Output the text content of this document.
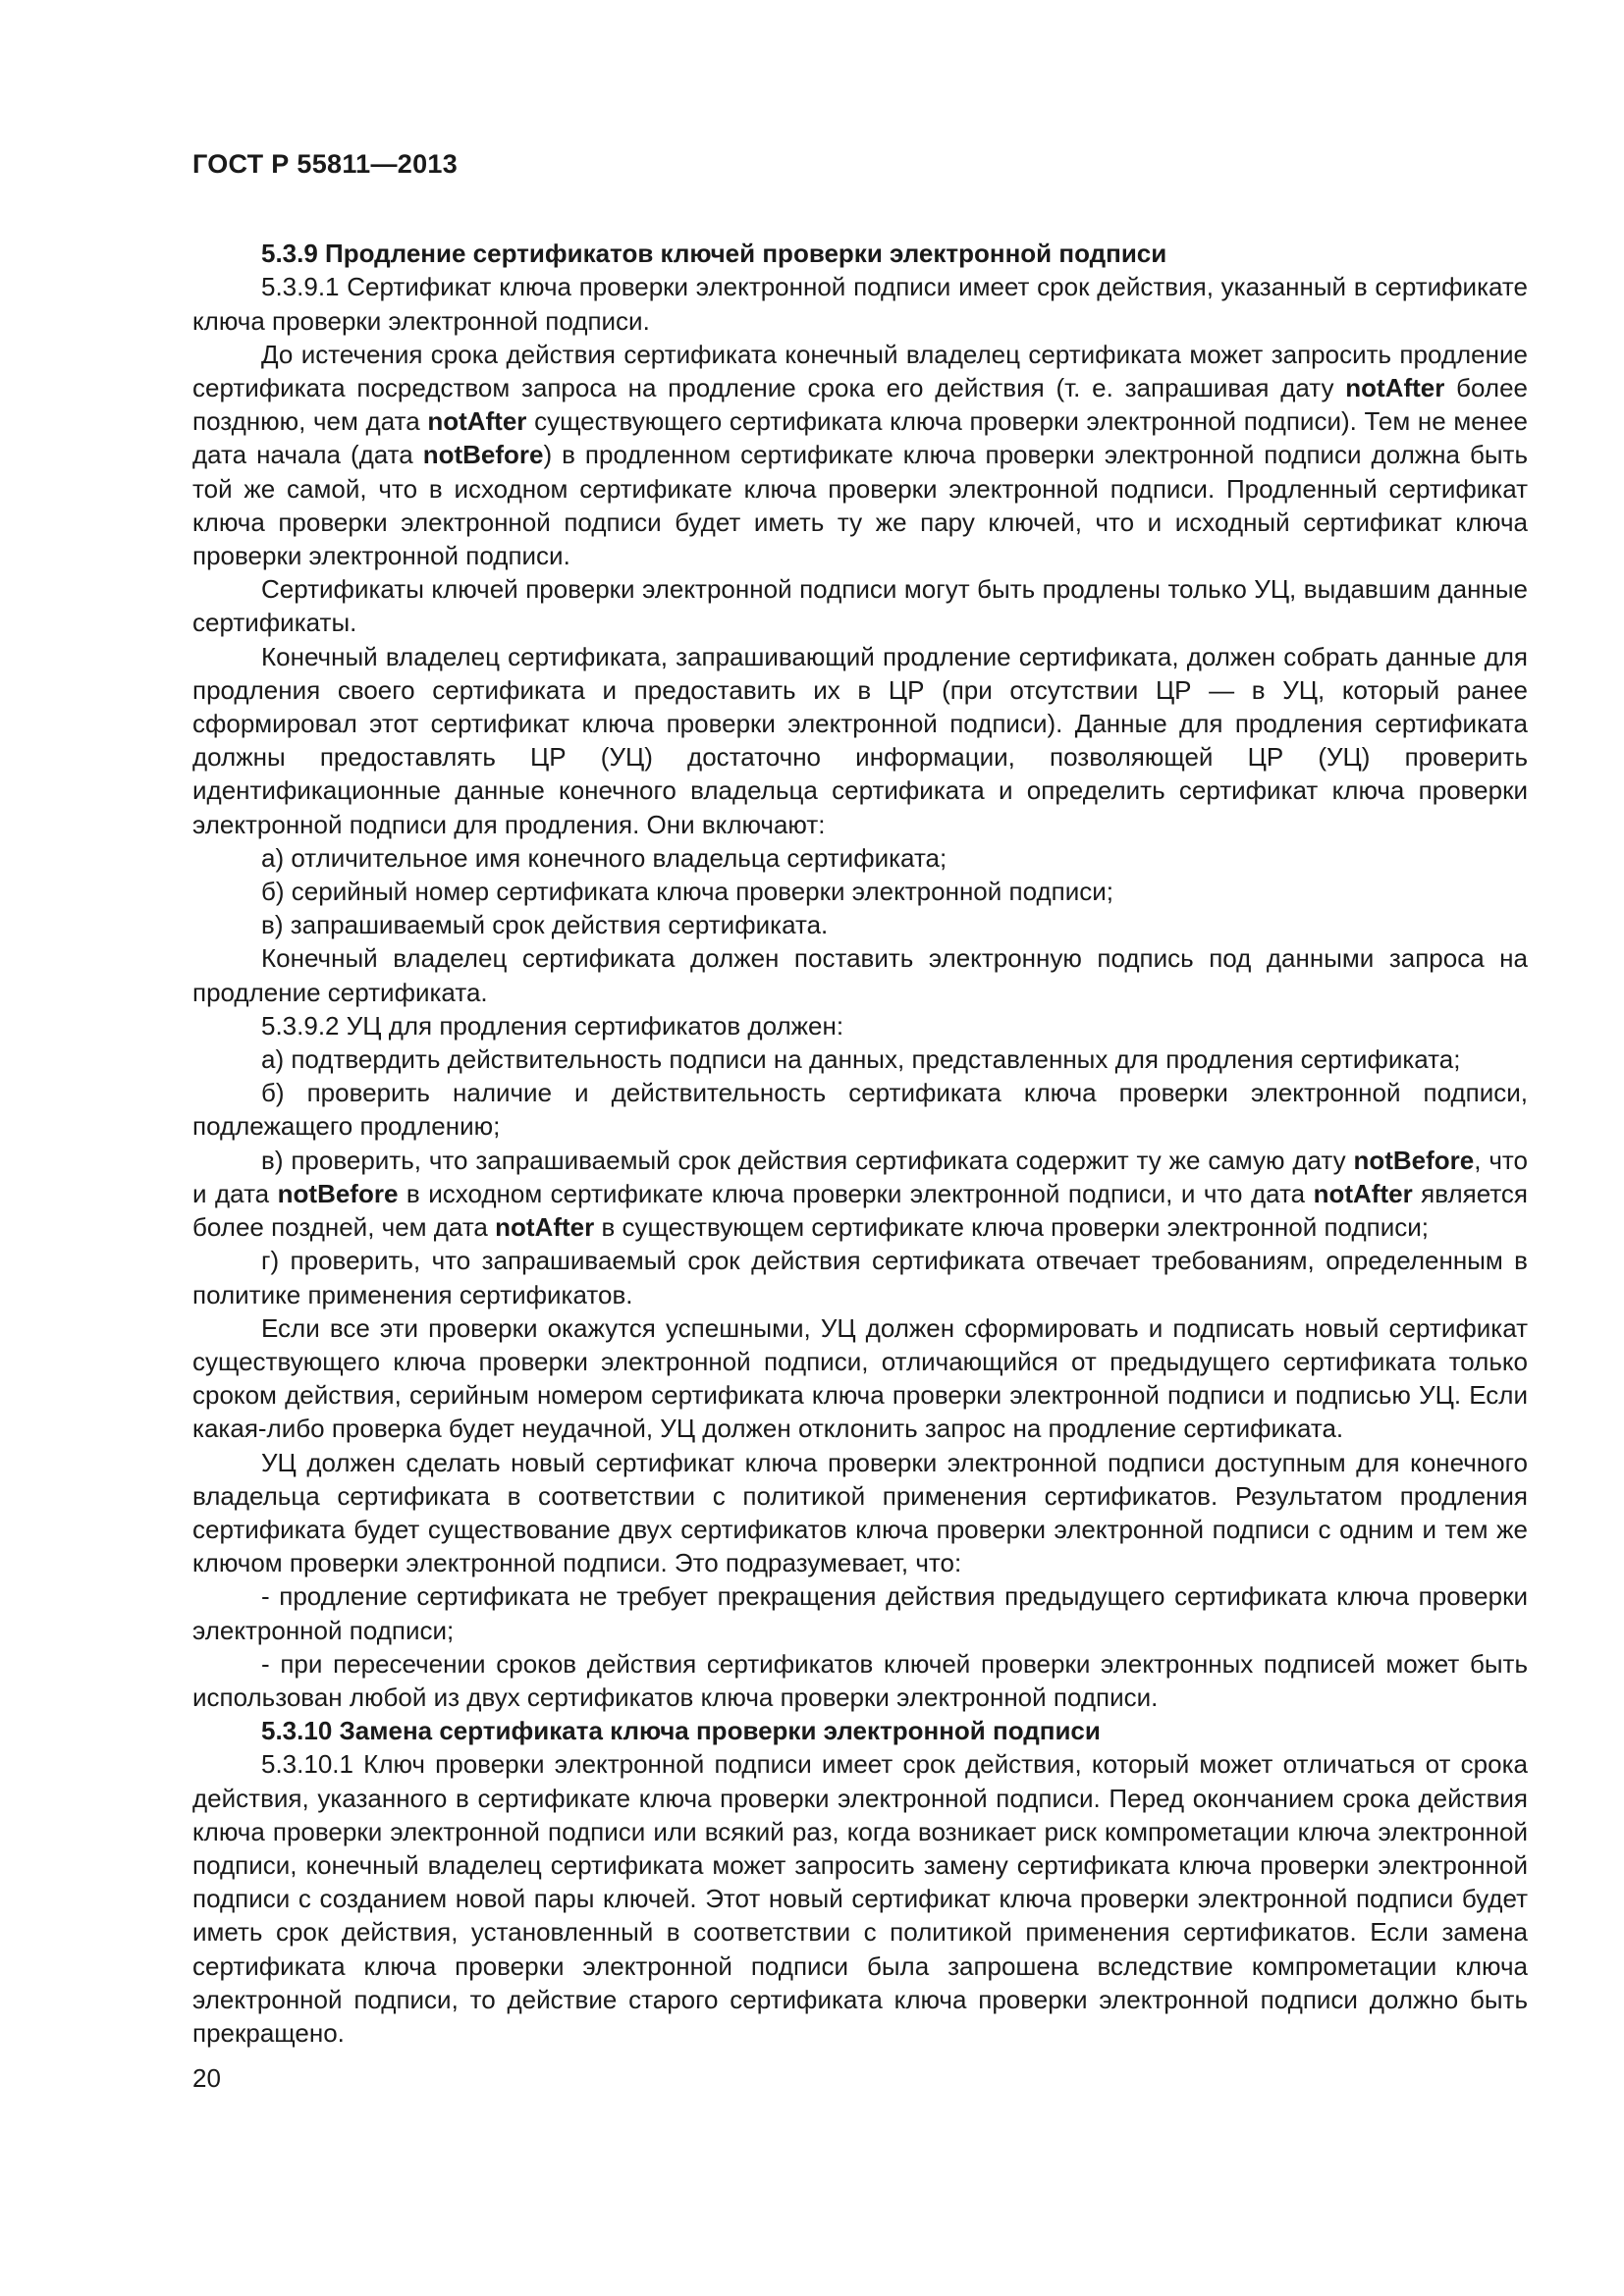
ГОСТ Р 55811—2013

5.3.9 Продление сертификатов ключей проверки электронной подписи

5.3.9.1 Сертификат ключа проверки электронной подписи имеет срок действия, указанный в сертификате ключа проверки электронной подписи.

До истечения срока действия сертификата конечный владелец сертификата может запросить продление сертификата посредством запроса на продление срока его действия (т. е. запрашивая дату notAfter более позднюю, чем дата notAfter существующего сертификата ключа проверки электронной подписи). Тем не менее дата начала (дата notBefore) в продленном сертификате ключа проверки электронной подписи должна быть той же самой, что в исходном сертификате ключа проверки электронной подписи. Продленный сертификат ключа проверки электронной подписи будет иметь ту же пару ключей, что и исходный сертификат ключа проверки электронной подписи.

Сертификаты ключей проверки электронной подписи могут быть продлены только УЦ, выдавшим данные сертификаты.

Конечный владелец сертификата, запрашивающий продление сертификата, должен собрать данные для продления своего сертификата и предоставить их в ЦР (при отсутствии ЦР — в УЦ, который ранее сформировал этот сертификат ключа проверки электронной подписи). Данные для продления сертификата должны предоставлять ЦР (УЦ) достаточно информации, позволяющей ЦР (УЦ) проверить идентификационные данные конечного владельца сертификата и определить сертификат ключа проверки электронной подписи для продления. Они включают:

а) отличительное имя конечного владельца сертификата;

б) серийный номер сертификата ключа проверки электронной подписи;

в) запрашиваемый срок действия сертификата.

Конечный владелец сертификата должен поставить электронную подпись под данными запроса на продление сертификата.

5.3.9.2 УЦ для продления сертификатов должен:

а) подтвердить действительность подписи на данных, представленных для продления сертификата;

б) проверить наличие и действительность сертификата ключа проверки электронной подписи, подлежащего продлению;

в) проверить, что запрашиваемый срок действия сертификата содержит ту же самую дату notBefore, что и дата notBefore в исходном сертификате ключа проверки электронной подписи, и что дата notAfter является более поздней, чем дата notAfter в существующем сертификате ключа проверки электронной подписи;

г) проверить, что запрашиваемый срок действия сертификата отвечает требованиям, определенным в политике применения сертификатов.

Если все эти проверки окажутся успешными, УЦ должен сформировать и подписать новый сертификат существующего ключа проверки электронной подписи, отличающийся от предыдущего сертификата только сроком действия, серийным номером сертификата ключа проверки электронной подписи и подписью УЦ. Если какая-либо проверка будет неудачной, УЦ должен отклонить запрос на продление сертификата.

УЦ должен сделать новый сертификат ключа проверки электронной подписи доступным для конечного владельца сертификата в соответствии с политикой применения сертификатов. Результатом продления сертификата будет существование двух сертификатов ключа проверки электронной подписи с одним и тем же ключом проверки электронной подписи. Это подразумевает, что:

- продление сертификата не требует прекращения действия предыдущего сертификата ключа проверки электронной подписи;

- при пересечении сроков действия сертификатов ключей проверки электронных подписей может быть использован любой из двух сертификатов ключа проверки электронной подписи.

5.3.10 Замена сертификата ключа проверки электронной подписи

5.3.10.1 Ключ проверки электронной подписи имеет срок действия, который может отличаться от срока действия, указанного в сертификате ключа проверки электронной подписи. Перед окончанием срока действия ключа проверки электронной подписи или всякий раз, когда возникает риск компрометации ключа электронной подписи, конечный владелец сертификата может запросить замену сертификата ключа проверки электронной подписи с созданием новой пары ключей. Этот новый сертификат ключа проверки электронной подписи будет иметь срок действия, установленный в соответствии с политикой применения сертификатов. Если замена сертификата ключа проверки электронной подписи была запрошена вследствие компрометации ключа электронной подписи, то действие старого сертификата ключа проверки электронной подписи должно быть прекращено.

20
